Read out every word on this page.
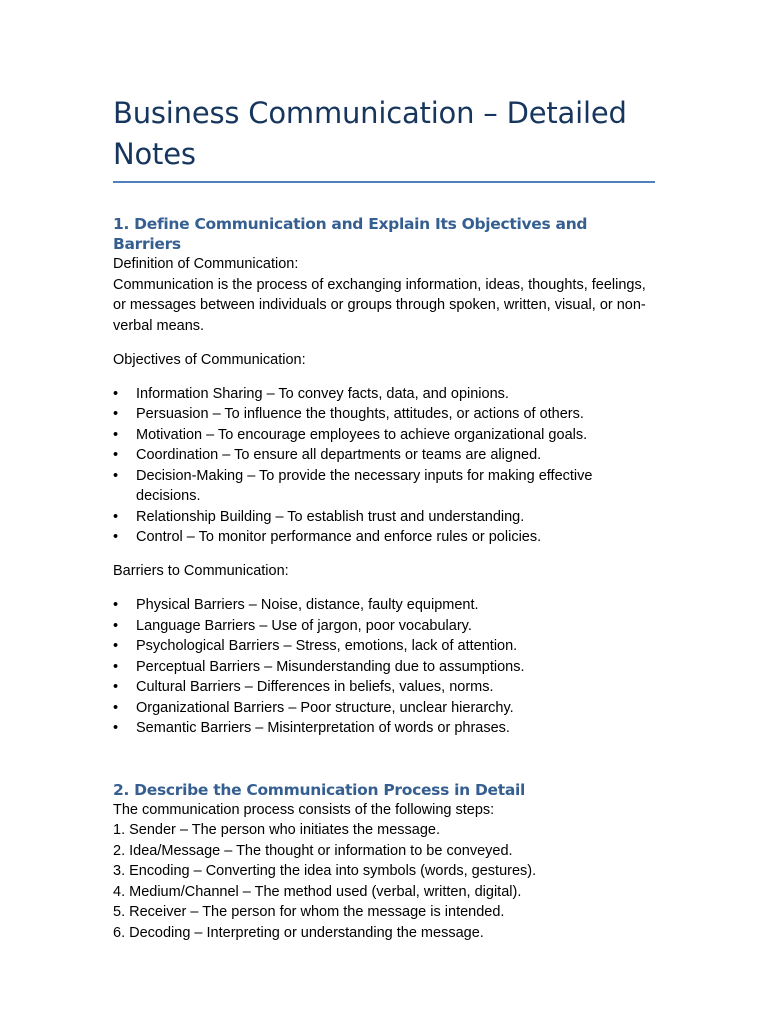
Business Communication – Detailed Notes
1. Define Communication and Explain Its Objectives and Barriers

Definition of Communication:

Communication is the process of exchanging information, ideas, thoughts, feelings, or messages between individuals or groups through spoken, written, visual, or non-verbal means.

Objectives of Communication:

• Information Sharing – To convey facts, data, and opinions.
• Persuasion – To influence the thoughts, attitudes, or actions of others.
• Motivation – To encourage employees to achieve organizational goals.
• Coordination – To ensure all departments or teams are aligned.
• Decision-Making – To provide the necessary inputs for making effective decisions.
• Relationship Building – To establish trust and understanding.
• Control – To monitor performance and enforce rules or policies.

Barriers to Communication:

• Physical Barriers – Noise, distance, faulty equipment.
• Language Barriers – Use of jargon, poor vocabulary.
• Psychological Barriers – Stress, emotions, lack of attention.
• Perceptual Barriers – Misunderstanding due to assumptions.
• Cultural Barriers – Differences in beliefs, values, norms.
• Organizational Barriers – Poor structure, unclear hierarchy.
• Semantic Barriers – Misinterpretation of words or phrases.
2. Describe the Communication Process in Detail

The communication process consists of the following steps:

1. Sender – The person who initiates the message.

2. Idea/Message – The thought or information to be conveyed.

3. Encoding – Converting the idea into symbols (words, gestures).

4. Medium/Channel – The method used (verbal, written, digital).

5. Receiver – The person for whom the message is intended.

6. Decoding – Interpreting or understanding the message.
